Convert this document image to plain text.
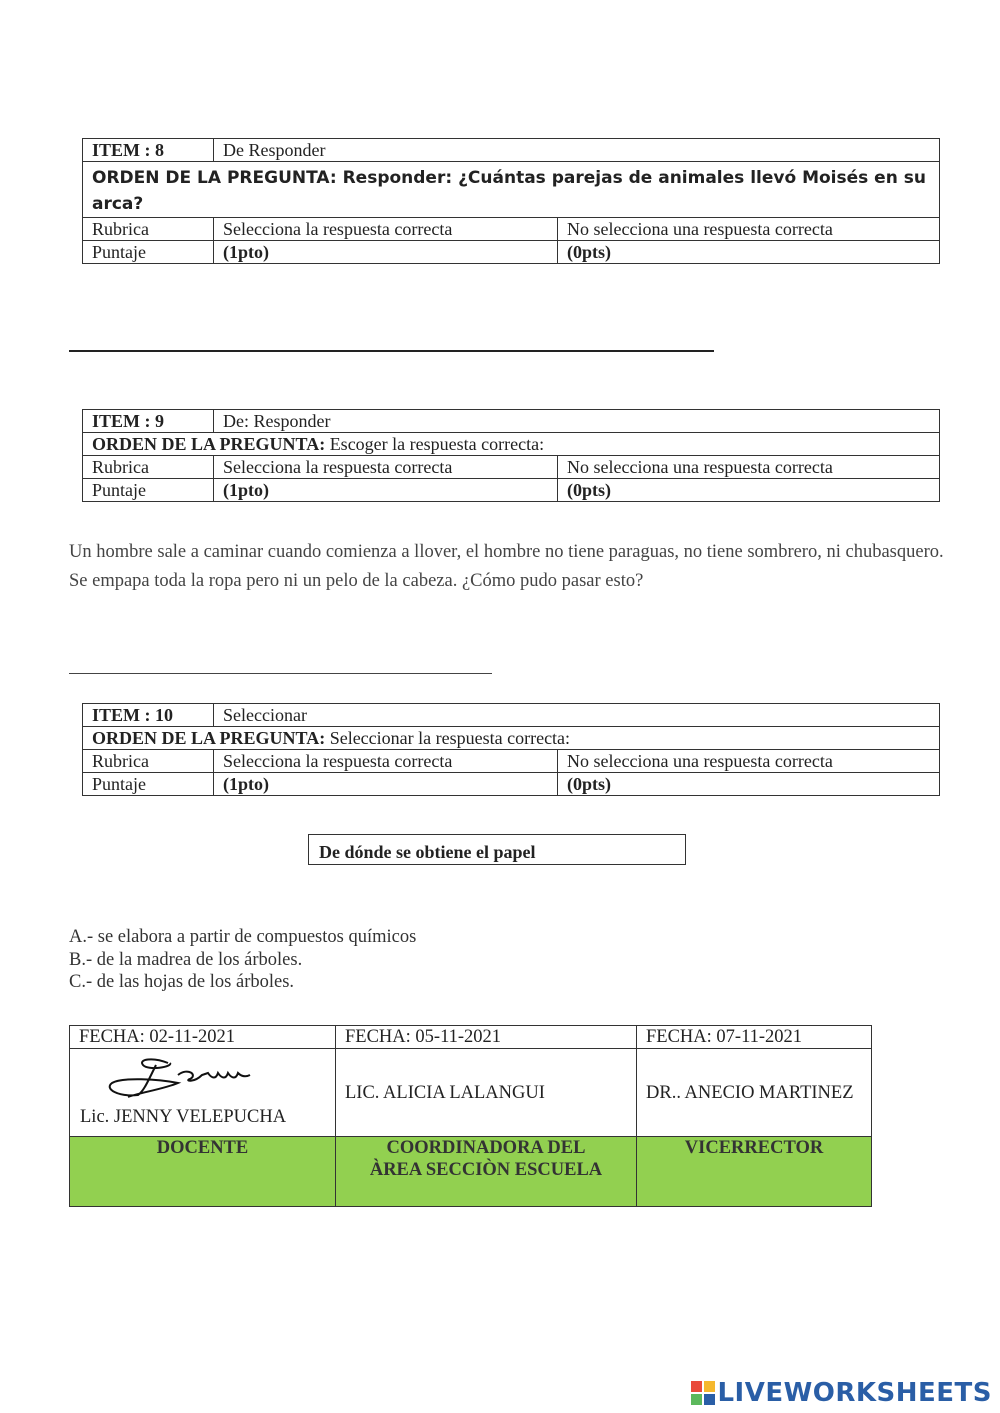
ITEM : 8	De Responder	
ORDEN DE LA PREGUNTA: Responder: ¿Cuántas parejas de animales llevó Moisés en su arca?		
Rubrica	Selecciona la respuesta correcta	No selecciona una respuesta correcta
Puntaje	(1pto)	(0pts)
ITEM : 9	De: Responder	
ORDEN DE LA PREGUNTA: Escoger la respuesta correcta:		
Rubrica	Selecciona la respuesta correcta	No selecciona una respuesta correcta
Puntaje	(1pto)	(0pts)
Un hombre sale a caminar cuando comienza a llover, el hombre no tiene paraguas, no tiene sombrero, ni chubasquero. Se empapa toda la ropa pero ni un pelo de la cabeza. ¿Cómo pudo pasar esto?
ITEM : 10	Seleccionar	
ORDEN DE LA PREGUNTA: Seleccionar la respuesta correcta:		
Rubrica	Selecciona la respuesta correcta	No selecciona una respuesta correcta
Puntaje	(1pto)	(0pts)
De dónde se obtiene el papel
A.- se elabora a partir de compuestos químicos
B.- de la madrea de los árboles.
C.- de las hojas de los árboles.
FECHA: 02-11-2021	FECHA: 05-11-2021	FECHA: 07-11-2021

Lic. JENNY VELEPUCHA	LIC. ALICIA LALANGUI	DR.. ANECIO MARTINEZ
DOCENTE	COORDINADORA DEL ÀREA SECCIÒN ESCUELA	VICERRECTOR
LIVEWORKSHEETS
